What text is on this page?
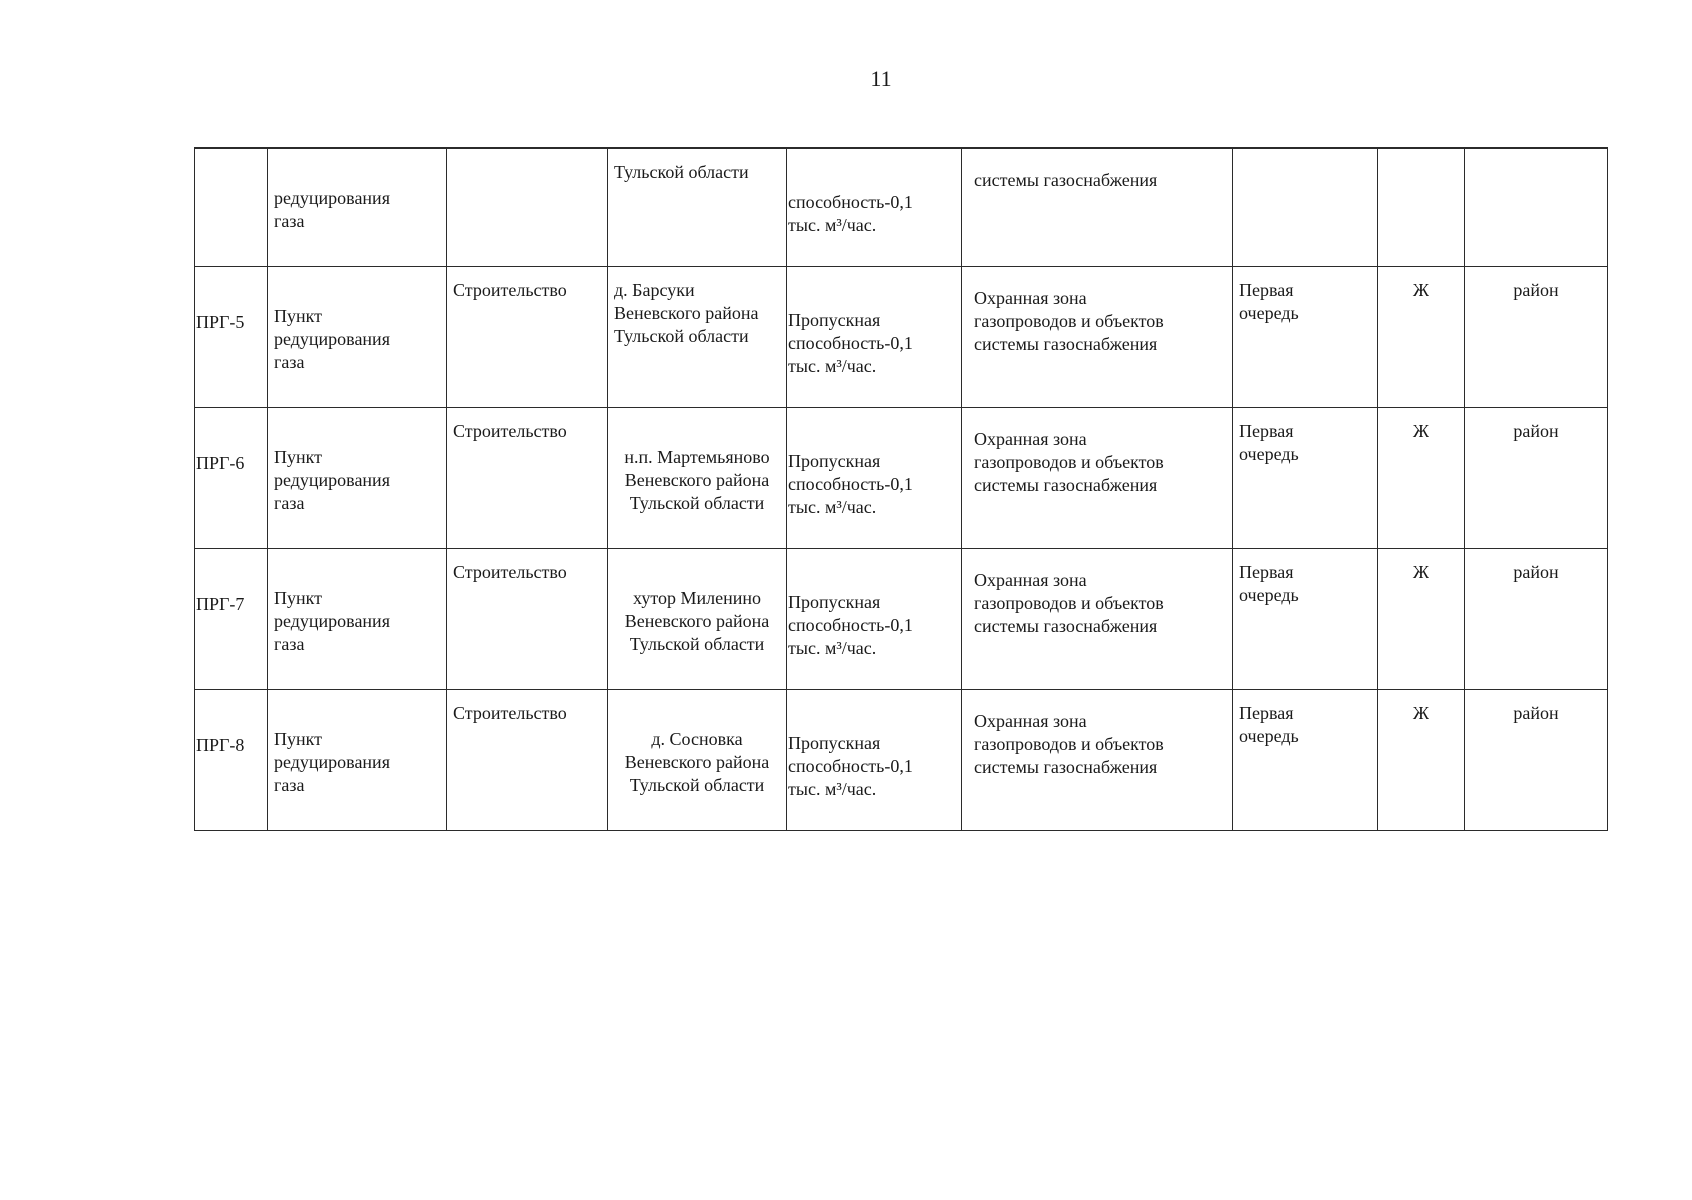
11

	редуцирования
газа		Тульской области	способность-0,1
тыс. м³/час.	системы газоснабжения			

ПРГ-5	Пункт
редуцирования
газа	Строительство	д. Барсуки
Веневского района
Тульской области	Пропускная
способность-0,1
тыс. м³/час.	Охранная зона
газопроводов и объектов
системы газоснабжения	Первая
очередь	Ж	район

ПРГ-6	Пункт
редуцирования
газа	Строительство	н.п. Мартемьяново
Веневского района
Тульской области	Пропускная
способность-0,1
тыс. м³/час.	Охранная зона
газопроводов и объектов
системы газоснабжения	Первая
очередь	Ж	район

ПРГ-7	Пункт
редуцирования
газа	Строительство	хутор Миленино
Веневского района
Тульской области	Пропускная
способность-0,1
тыс. м³/час.	Охранная зона
газопроводов и объектов
системы газоснабжения	Первая
очередь	Ж	район

ПРГ-8	Пункт
редуцирования
газа	Строительство	д. Сосновка
Веневского района
Тульской области	Пропускная
способность-0,1
тыс. м³/час.	Охранная зона
газопроводов и объектов
системы газоснабжения	Первая
очередь	Ж	район
